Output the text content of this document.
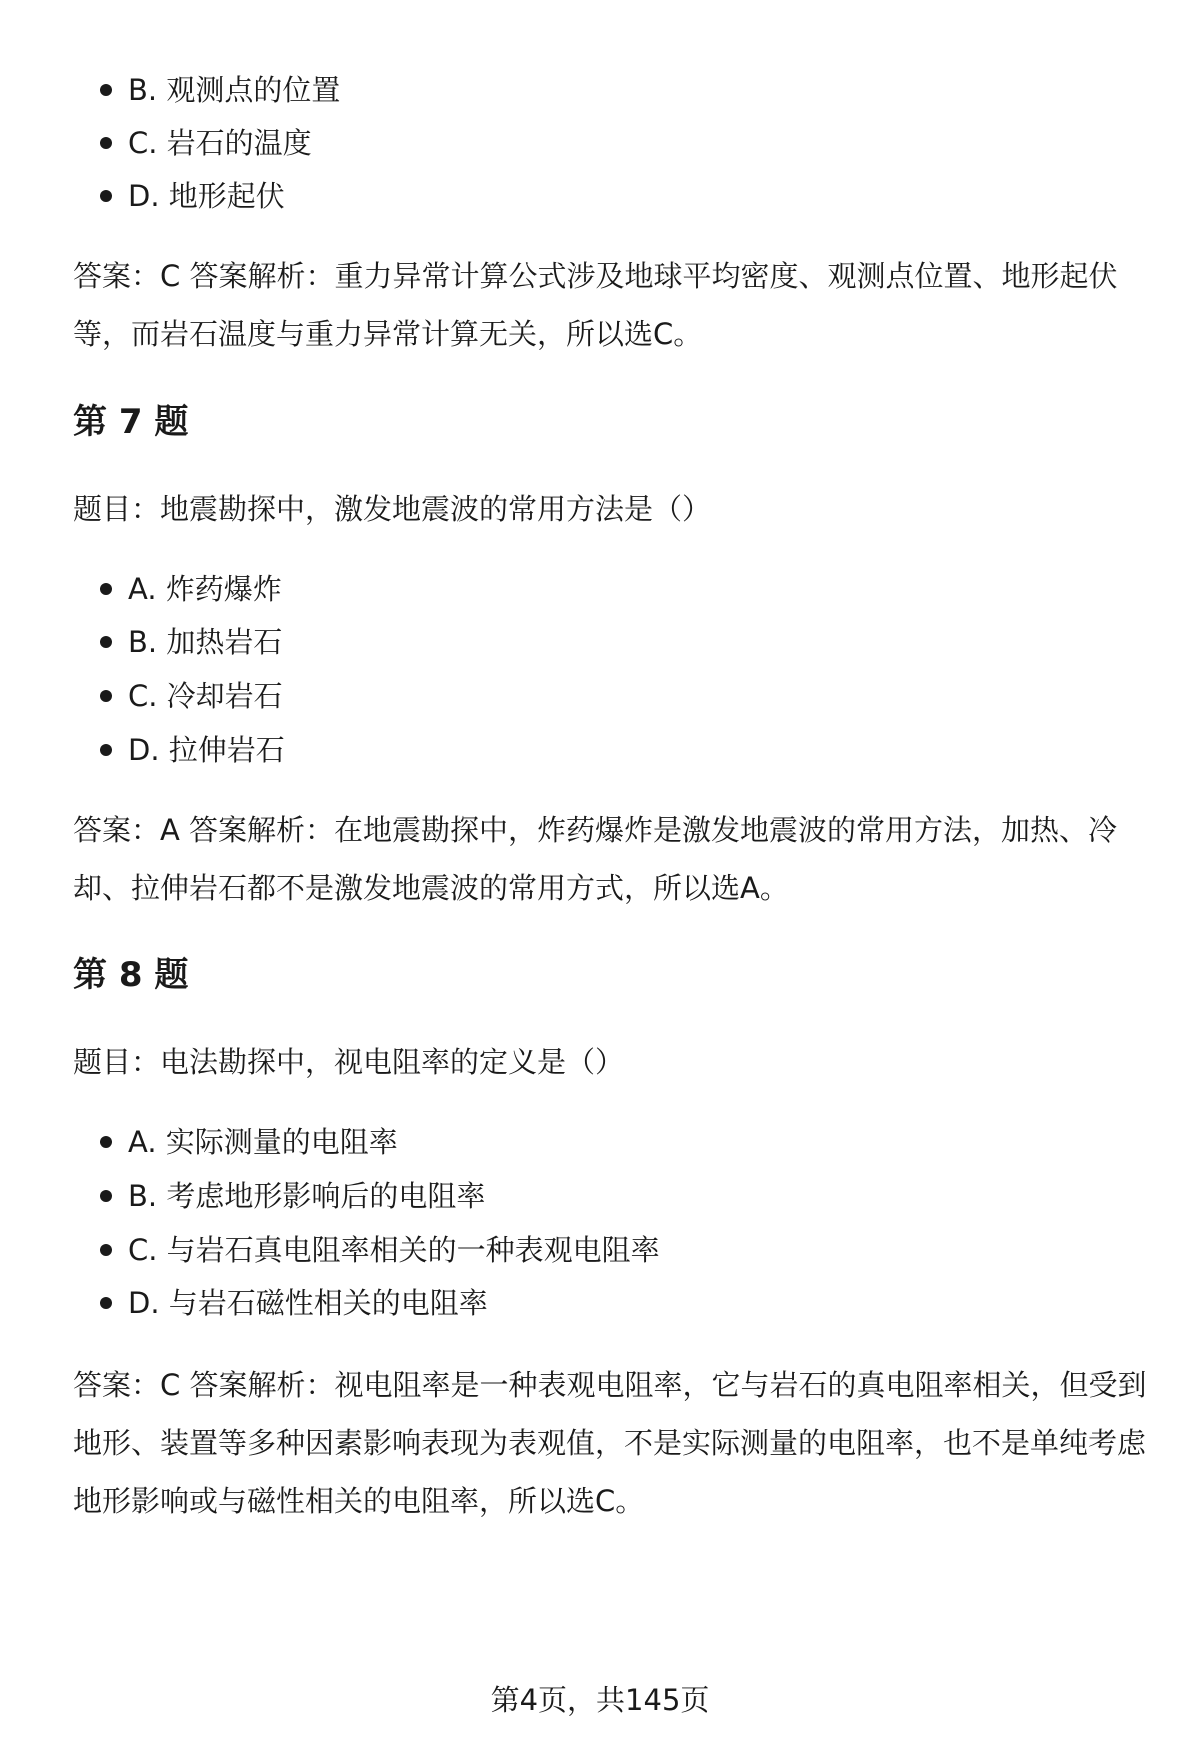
B. 观测点的位置
C. 岩石的温度
D. 地形起伏

答案：C 答案解析：重力异常计算公式涉及地球平均密度、观测点位置、地形起伏等，而岩石温度与重力异常计算无关，所以选C。

第 7 题

题目：地震勘探中，激发地震波的常用方法是（）

A. 炸药爆炸
B. 加热岩石
C. 冷却岩石
D. 拉伸岩石

答案：A 答案解析：在地震勘探中，炸药爆炸是激发地震波的常用方法，加热、冷却、拉伸岩石都不是激发地震波的常用方式，所以选A。

第 8 题

题目：电法勘探中，视电阻率的定义是（）

A. 实际测量的电阻率
B. 考虑地形影响后的电阻率
C. 与岩石真电阻率相关的一种表观电阻率
D. 与岩石磁性相关的电阻率

答案：C 答案解析：视电阻率是一种表观电阻率，它与岩石的真电阻率相关，但受到地形、装置等多种因素影响表现为表观值，不是实际测量的电阻率，也不是单纯考虑地形影响或与磁性相关的电阻率，所以选C。

第4页，共145页
